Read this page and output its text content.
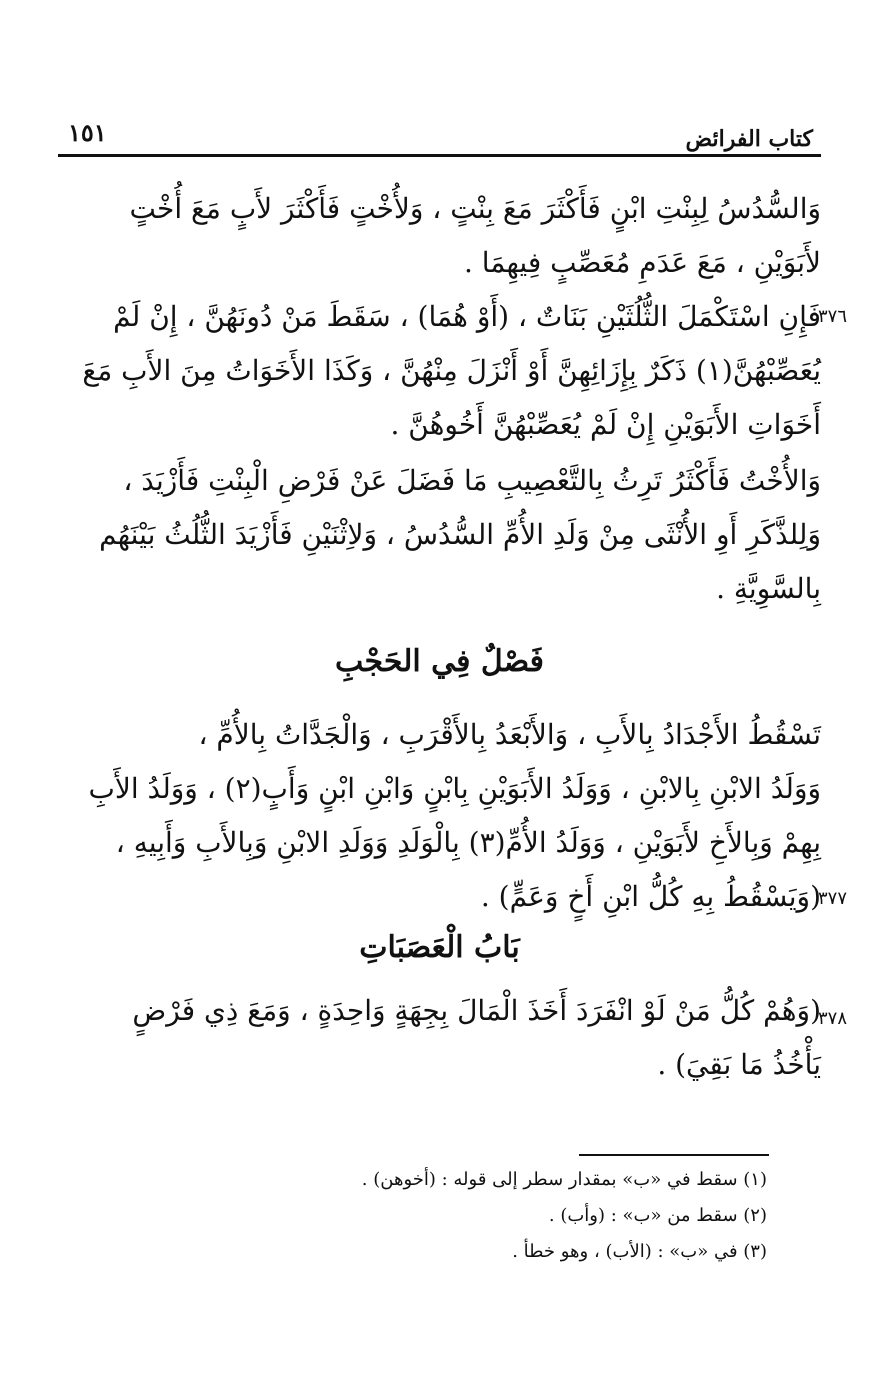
كتاب الفرائض
١٥١
وَالسُّدُسُ لِبِنْتِ ابْنٍ فَأَكْثَرَ مَعَ بِنْتٍ ، وَلأُخْتٍ فَأَكْثَرَ لأَبٍ مَعَ أُخْتٍ
لأَبَوَيْنِ ، مَعَ عَدَمِ مُعَصِّبٍ فِيهِمَا .
٣٧٦
فَإِنِ اسْتَكْمَلَ الثُّلُثَيْنِ بَنَاتٌ ، (أَوْ هُمَا) ، سَقَطَ مَنْ دُونَهُنَّ ، إِنْ لَمْ
يُعَصِّبْهُنَّ(١) ذَكَرٌ بِإِزَائِهِنَّ أَوْ أَنْزَلَ مِنْهُنَّ ، وَكَذَا الأَخَوَاتُ مِنَ الأَبِ مَعَ
أَخَوَاتِ الأَبَوَيْنِ إِنْ لَمْ يُعَصِّبْهُنَّ أَخُوهُنَّ .
وَالأُخْتُ فَأَكْثَرُ تَرِثُ بِالتَّعْصِيبِ مَا فَضَلَ عَنْ فَرْضِ الْبِنْتِ فَأَزْيَدَ ،
وَلِلذَّكَرِ أَوِ الأُنْثَى مِنْ وَلَدِ الأُمِّ السُّدُسُ ، وَلاِثْنَيْنِ فَأَزْيَدَ الثُّلُثُ بَيْنَهُم
بِالسَّوِيَّةِ .
فَصْلٌ فِي الحَجْبِ
تَسْقُطُ الأَجْدَادُ بِالأَبِ ، وَالأَبْعَدُ بِالأَقْرَبِ ، وَالْجَدَّاتُ بِالأُمِّ ،
وَوَلَدُ الابْنِ بِالابْنِ ، وَوَلَدُ الأَبَوَيْنِ بِابْنٍ وَابْنِ ابْنٍ وَأَبٍ(٢) ، وَوَلَدُ الأَبِ
بِهِمْ وَبِالأَخِ لأَبَوَيْنِ ، وَوَلَدُ الأُمِّ(٣) بِالْوَلَدِ وَوَلَدِ الابْنِ وَبِالأَبِ وَأَبِيهِ ،
(وَيَسْقُطُ بِهِ كُلُّ ابْنِ أَخٍ وَعَمٍّ) .
٣٧٧
بَابُ الْعَصَبَاتِ
٣٧٨
(وَهُمْ كُلُّ مَنْ لَوْ انْفَرَدَ أَخَذَ الْمَالَ بِجِهَةٍ وَاحِدَةٍ ، وَمَعَ ذِي فَرْضٍ
يَأْخُذُ مَا بَقِيَ) .
(١) سقط في «ب» بمقدار سطر إلى قوله : (أخوهن) .
(٢) سقط من «ب» : (وأب) .
(٣) في «ب» : (الأب) ، وهو خطأ .
